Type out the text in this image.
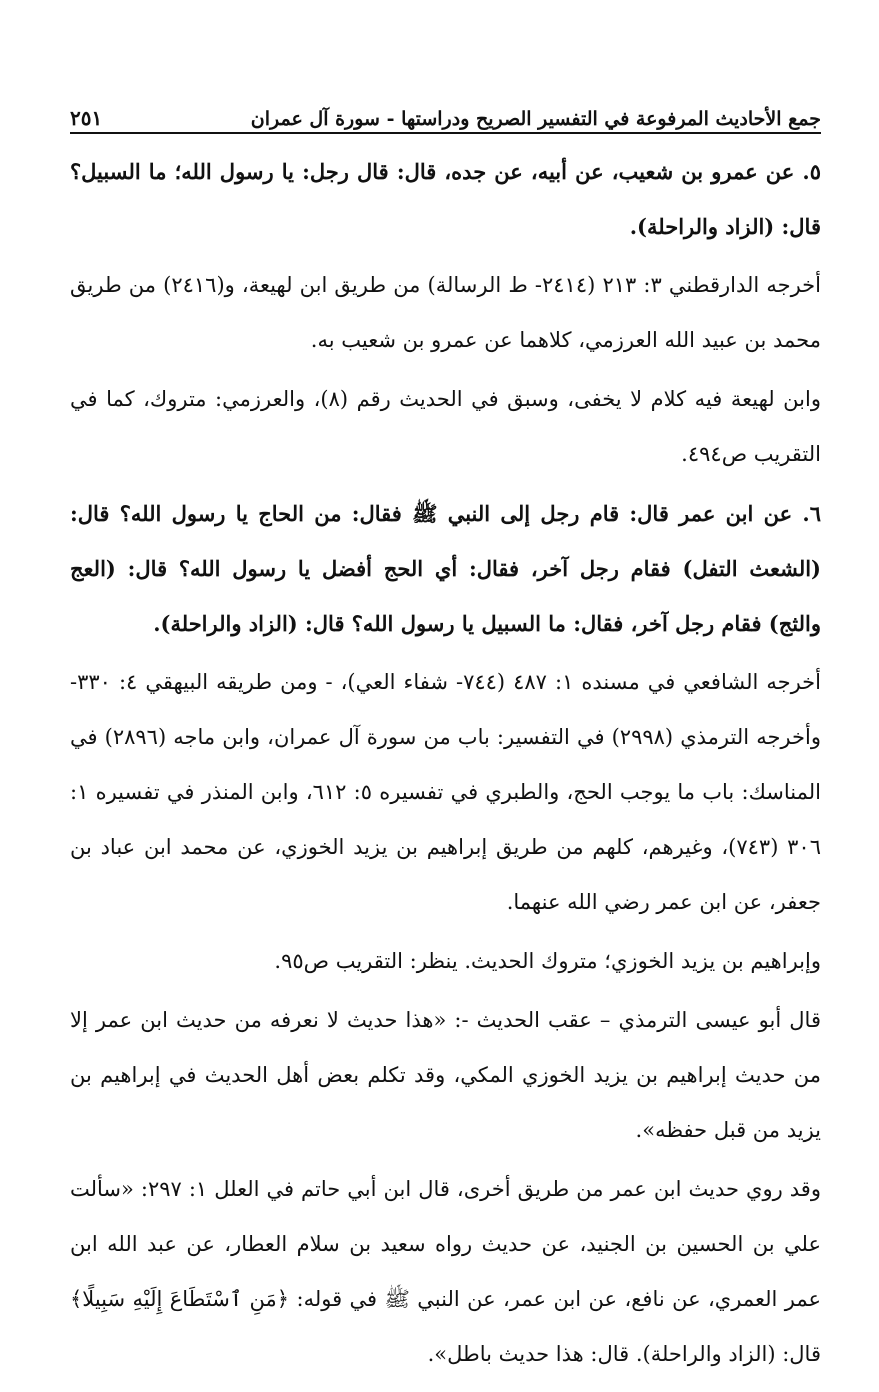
جمع الأحاديث المرفوعة في التفسير الصريح ودراستها - سورة آل عمران
٢٥١

٥. عن عمرو بن شعيب، عن أبيه، عن جده، قال: قال رجل: يا رسول الله؛ ما السبيل؟ قال: (الزاد والراحلة).

أخرجه الدارقطني ٣: ٢١٣ (٢٤١٤- ط الرسالة) من طريق ابن لهيعة، و(٢٤١٦) من طريق محمد بن عبيد الله العرزمي، كلاهما عن عمرو بن شعيب به.

وابن لهيعة فيه كلام لا يخفى، وسبق في الحديث رقم (٨)، والعرزمي: متروك، كما في التقريب ص٤٩٤.

٦. عن ابن عمر قال: قام رجل إلى النبي ﷺ فقال: من الحاج يا رسول الله؟ قال: (الشعث التفل) فقام رجل آخر، فقال: أي الحج أفضل يا رسول الله؟ قال: (العج والثج) فقام رجل آخر، فقال: ما السبيل يا رسول الله؟ قال: (الزاد والراحلة).

أخرجه الشافعي في مسنده ١: ٤٨٧ (٧٤٤- شفاء العي)، - ومن طريقه البيهقي ٤: ٣٣٠- وأخرجه الترمذي (٢٩٩٨) في التفسير: باب من سورة آل عمران، وابن ماجه (٢٨٩٦) في المناسك: باب ما يوجب الحج، والطبري في تفسيره ٥: ٦١٢، وابن المنذر في تفسيره ١: ٣٠٦ (٧٤٣)، وغيرهم، كلهم من طريق إبراهيم بن يزيد الخوزي، عن محمد ابن عباد بن جعفر، عن ابن عمر رضي الله عنهما.

وإبراهيم بن يزيد الخوزي؛ متروك الحديث. ينظر: التقريب ص٩٥.

قال أبو عيسى الترمذي – عقب الحديث -: «هذا حديث لا نعرفه من حديث ابن عمر إلا من حديث إبراهيم بن يزيد الخوزي المكي، وقد تكلم بعض أهل الحديث في إبراهيم بن يزيد من قبل حفظه».

وقد روي حديث ابن عمر من طريق أخرى، قال ابن أبي حاتم في العلل ١: ٢٩٧: «سألت علي بن الحسين بن الجنيد، عن حديث رواه سعيد بن سلام العطار، عن عبد الله ابن عمر العمري، عن نافع، عن ابن عمر، عن النبي ﷺ في قوله: ﴿مَنِ ٱسْتَطَاعَ إِلَيْهِ سَبِيلًا﴾ قال: (الزاد والراحلة). قال: هذا حديث باطل».
